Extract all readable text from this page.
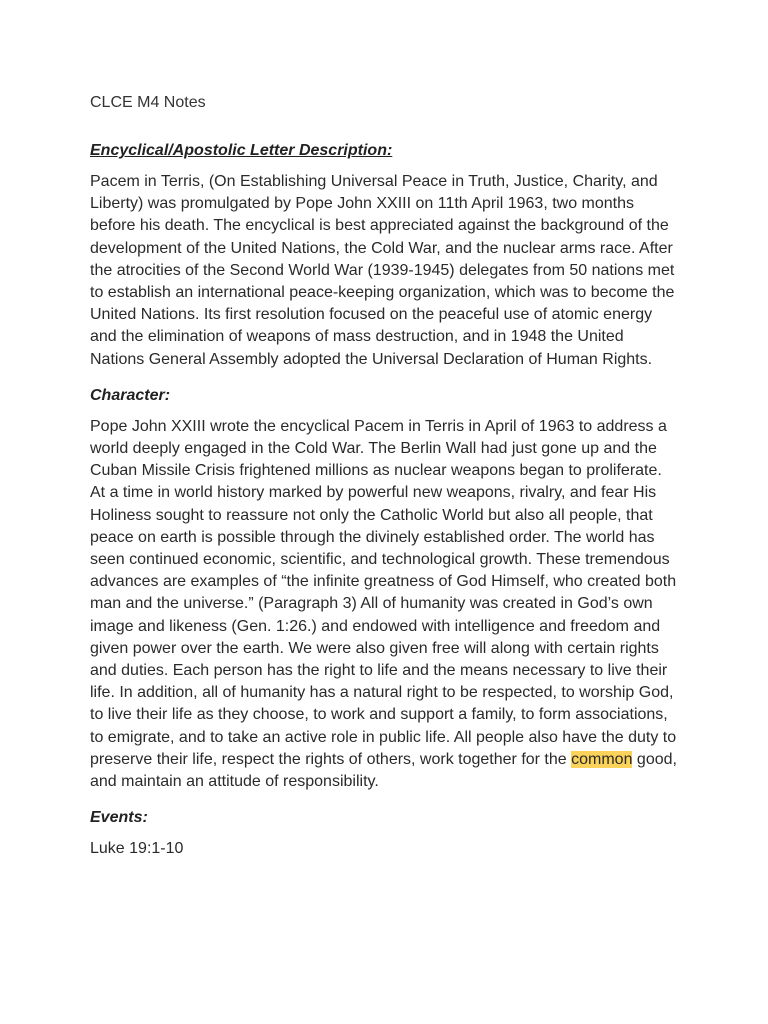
CLCE M4 Notes
Encyclical/Apostolic Letter Description:

Pacem in Terris, (On Establishing Universal Peace in Truth, Justice, Charity, and Liberty) was promulgated by Pope John XXIII on 11th April 1963, two months before his death. The encyclical is best appreciated against the background of the development of the United Nations, the Cold War, and the nuclear arms race. After the atrocities of the Second World War (1939-1945) delegates from 50 nations met to establish an international peace-keeping organization, which was to become the United Nations. Its first resolution focused on the peaceful use of atomic energy and the elimination of weapons of mass destruction, and in 1948 the United Nations General Assembly adopted the Universal Declaration of Human Rights.

Character:

Pope John XXIII wrote the encyclical Pacem in Terris in April of 1963 to address a world deeply engaged in the Cold War. The Berlin Wall had just gone up and the Cuban Missile Crisis frightened millions as nuclear weapons began to proliferate. At a time in world history marked by powerful new weapons, rivalry, and fear His Holiness sought to reassure not only the Catholic World but also all people, that peace on earth is possible through the divinely established order. The world has seen continued economic, scientific, and technological growth. These tremendous advances are examples of “the infinite greatness of God Himself, who created both man and the universe.” (Paragraph 3) All of humanity was created in God’s own image and likeness (Gen. 1:26.) and endowed with intelligence and freedom and given power over the earth. We were also given free will along with certain rights and duties. Each person has the right to life and the means necessary to live their life. In addition, all of humanity has a natural right to be respected, to worship God, to live their life as they choose, to work and support a family, to form associations, to emigrate, and to take an active role in public life. All people also have the duty to preserve their life, respect the rights of others, work together for the common good, and maintain an attitude of responsibility.

Events:

Luke 19:1-10
